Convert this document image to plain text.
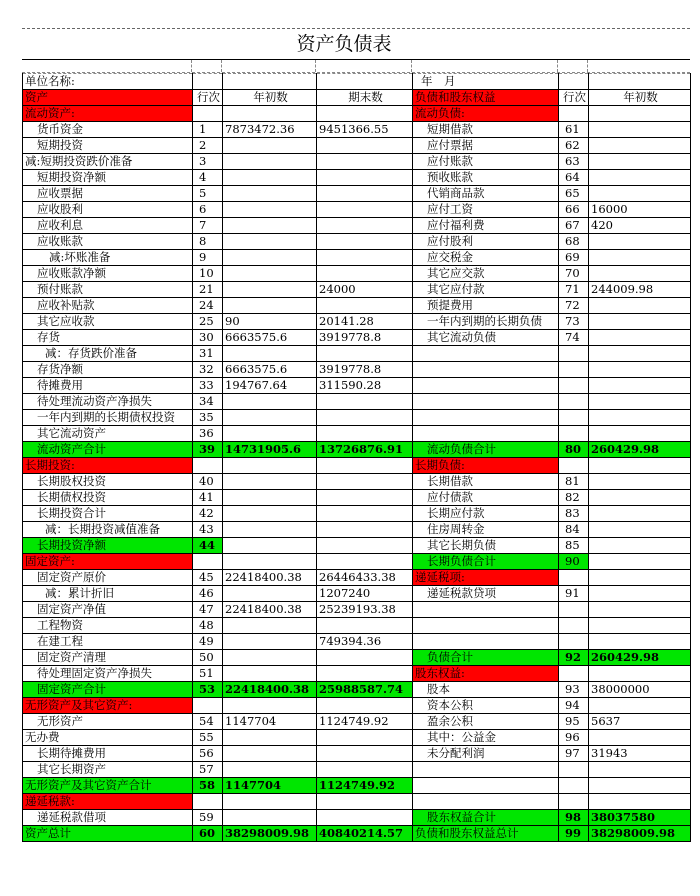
资产负债表
单位名称:				年　月		
资产	行次	年初数	期末数	负债和股东权益	行次	年初数
流动资产:				流动负债:		
货币资金	1	7873472.36	9451366.55	短期借款	61	
短期投资	2			应付票据	62	
减:短期投资跌价准备	3			应付账款	63	
短期投资净额	4			预收账款	64	
应收票据	5			代销商品款	65	
应收股利	6			应付工资	66	16000
应收利息	7			应付福利费	67	420
应收账款	8			应付股利	68	
减:坏账准备	9			应交税金	69	
应收账款净额	10			其它应交款	70	
预付账款	21		24000	其它应付款	71	244009.98
应收补贴款	24			预提费用	72	
其它应收款	25	90	20141.28	一年内到期的长期负债	73	
存货	30	6663575.6	3919778.8	其它流动负债	74	
减：存货跌价准备	31					
存货净额	32	6663575.6	3919778.8			
待摊费用	33	194767.64	311590.28			
待处理流动资产净损失	34					
一年内到期的长期债权投资	35					
其它流动资产	36					
流动资产合计	39	14731905.6	13726876.91	流动负债合计	80	260429.98
长期投资:				长期负债:		
长期股权投资	40			长期借款	81	
长期债权投资	41			应付债款	82	
长期投资合计	42			长期应付款	83	
减：长期投资减值准备	43			住房周转金	84	
长期投资净额	44			其它长期负债	85	
固定资产:				长期负债合计	90	
固定资产原价	45	22418400.38	26446433.38	递延税项:		
减：累计折旧	46		1207240	递延税款贷项	91	
固定资产净值	47	22418400.38	25239193.38			
工程物资	48					
在建工程	49		749394.36			
固定资产清理	50			负债合计	92	260429.98
待处理固定资产净损失	51			股东权益:		
固定资产合计	53	22418400.38	25988587.74	股本	93	38000000
无形资产及其它资产:				资本公积	94	
无形资产	54	1147704	1124749.92	盈余公积	95	5637
无办费	55			其中：公益金	96	
长期待摊费用	56			未分配利润	97	31943
其它长期资产	57					
无形资产及其它资产合计	58	1147704	1124749.92			
递延税款:						
递延税款借项	59			股东权益合计	98	38037580
资产总计	60	38298009.98	40840214.57	负债和股东权益总计	99	38298009.98
